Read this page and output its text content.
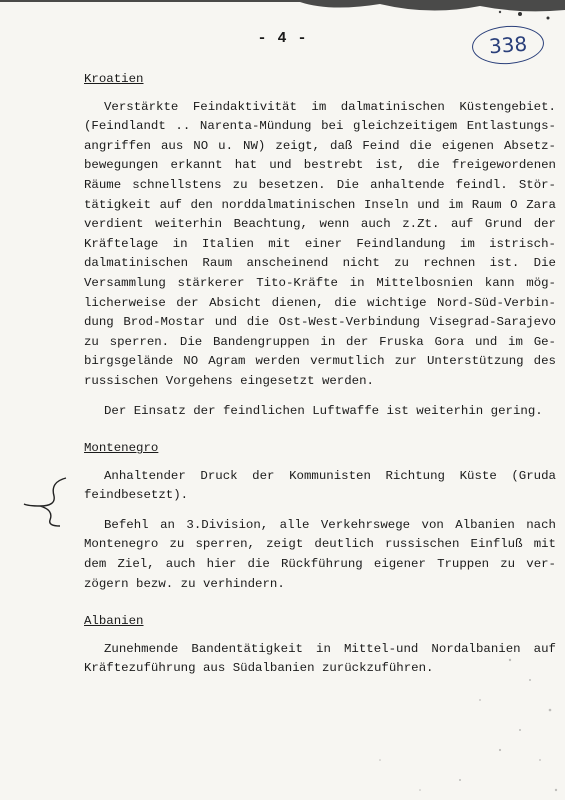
- 4 -	338
Kroatien

Verstärkte Feindaktivität im dalmatinischen Küstengebiet. (Feindlandt .. Narenta-Mündung bei gleichzeitigem Entlastungs-angriffen aus NO u. NW) zeigt, daß Feind die eigenen Absetz-bewegungen erkannt hat und bestrebt ist, die freigewordenen Räume schnellstens zu besetzen. Die anhaltende feindl. Stör-tätigkeit auf den norddalmatinischen Inseln und im Raum O Zara verdient weiterhin Beachtung, wenn auch z.Zt. auf Grund der Kräftelage in Italien mit einer Feindlandung im istrisch-dalmatinischen Raum anscheinend nicht zu rechnen ist. Die Versammlung stärkerer Tito-Kräfte in Mittelbosnien kann mög-licherweise der Absicht dienen, die wichtige Nord-Süd-Verbin-dung Brod-Mostar und die Ost-West-Verbindung Visegrad-Sarajevo zu sperren. Die Bandengruppen in der Fruska Gora und im Ge-birgsgelände NO Agram werden vermutlich zur Unterstützung des russischen Vorgehens eingesetzt werden.

Der Einsatz der feindlichen Luftwaffe ist weiterhin gering.

Montenegro

Anhaltender Druck der Kommunisten Richtung Küste (Gruda feindbesetzt).

Befehl an 3.Division, alle Verkehrswege von Albanien nach Montenegro zu sperren, zeigt deutlich russischen Einfluß mit dem Ziel, auch hier die Rückführung eigener Truppen zu ver-zögern bezw. zu verhindern.

Albanien

Zunehmende Bandentätigkeit in Mittel-und Nordalbanien auf Kräftezuführung aus Südalbanien zurückzuführen.
